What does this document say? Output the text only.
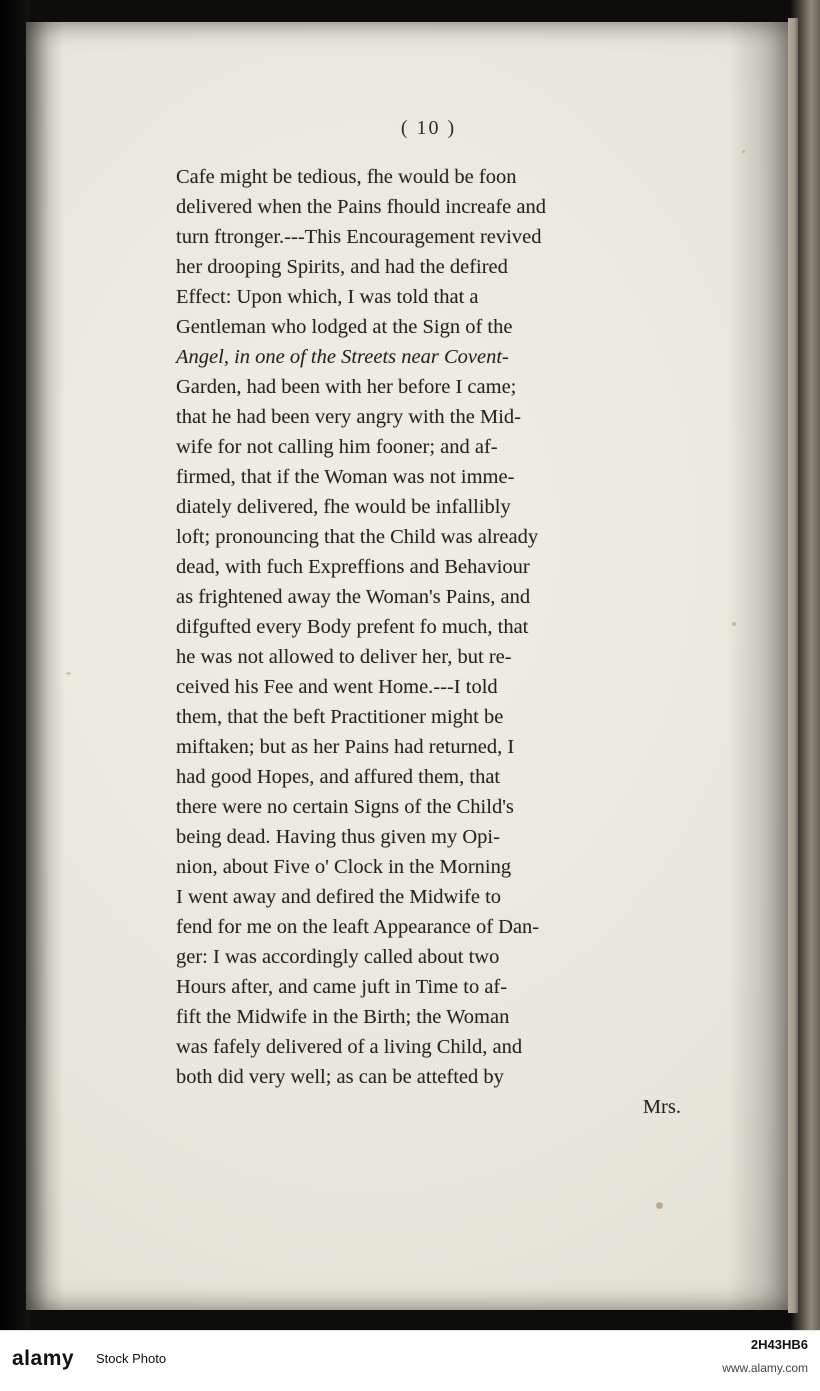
( 10 )
Cafe might be tedious, fhe would be foon
delivered when the Pains fhould increafe and
turn ftronger.---This Encouragement revived
her drooping Spirits, and had the defired
Effect: Upon which, I was told that a
Gentleman who lodged at the Sign of the
Angel, in one of the Streets near Covent-
Garden, had been with her before I came;
that he had been very angry with the Mid-
wife for not calling him fooner; and af-
firmed, that if the Woman was not imme-
diately delivered, fhe would be infallibly
loft; pronouncing that the Child was already
dead, with fuch Expreffions and Behaviour
as frightened away the Woman's Pains, and
difgufted every Body prefent fo much, that
he was not allowed to deliver her, but re-
ceived his Fee and went Home.---I told
them, that the beft Practitioner might be
miftaken; but as her Pains had returned, I
had good Hopes, and affured them, that
there were no certain Signs of the Child's
being dead. Having thus given my Opi-
nion, about Five o' Clock in the Morning
I went away and defired the Midwife to
fend for me on the leaft Appearance of Dan-
ger: I was accordingly called about two
Hours after, and came juft in Time to af-
fift the Midwife in the Birth; the Woman
was fafely delivered of a living Child, and
both did very well; as can be attefted by
Mrs.
alamy Stock Photo
2H43HB6
www.alamy.com
